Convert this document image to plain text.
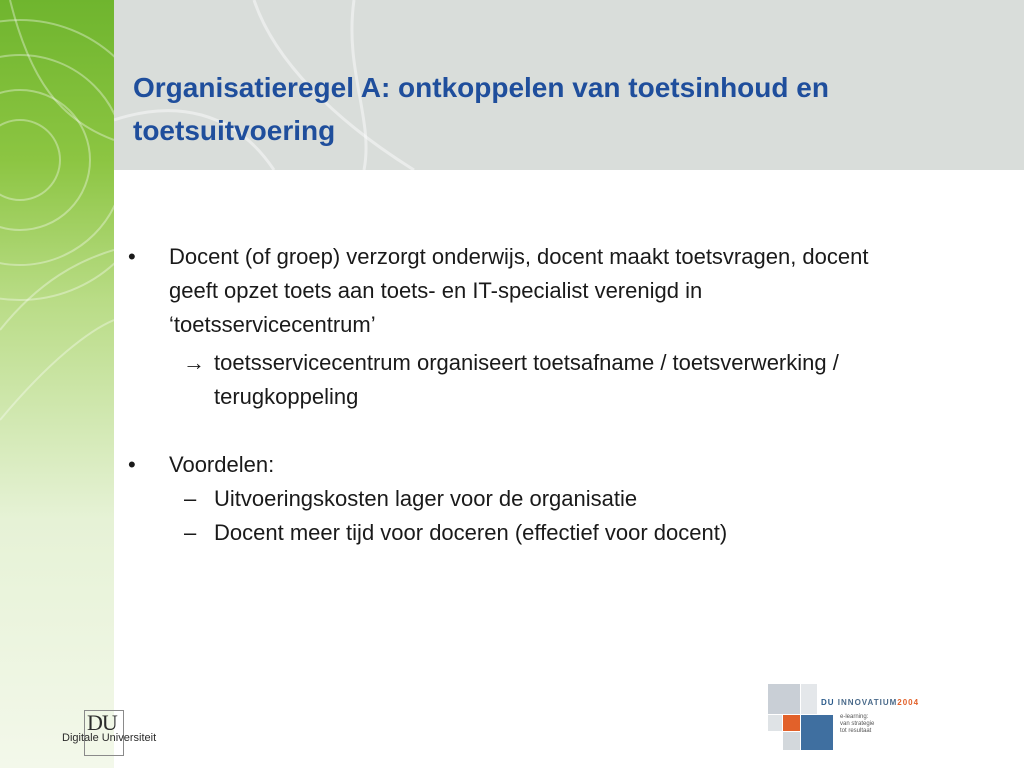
Organisatieregel A: ontkoppelen van toetsinhoud en toetsuitvoering
• Docent (of groep) verzorgt onderwijs, docent maakt toetsvragen, docent geeft opzet toets aan toets- en IT-specialist verenigd in ‘toetsservicecentrum’
→ toetsservicecentrum organiseert toetsafname / toetsverwerking / terugkoppeling
• Voordelen:
– Uitvoeringskosten lager voor de organisatie
– Docent meer tijd voor doceren (effectief voor docent)
DU
Digitale Universiteit
DU INNOVATIUM2004
e-learning:
van strategie
tot resultaat
